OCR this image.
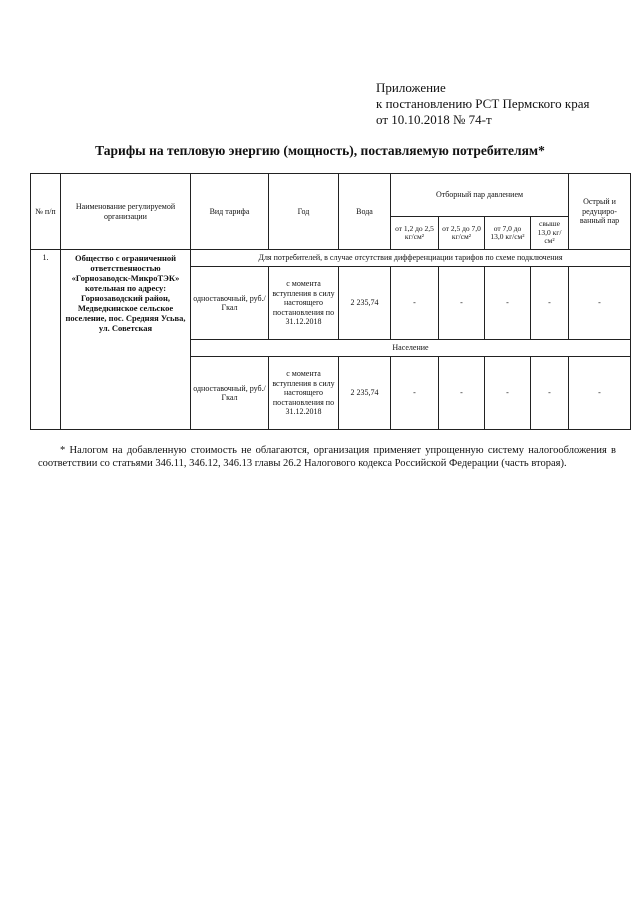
Приложение
к постановлению РСТ Пермского края
от 10.10.2018 № 74-т
Тарифы на тепловую энергию (мощность), поставляемую потребителям*
№ п/п	Наименование регулируемой организации	Вид тарифа	Год	Вода	Отборный пар давлением				Острый и редуциро-ванный пар
					от 1,2 до 2,5 кг/см²	от 2,5 до 7,0 кг/см²	от 7,0 до 13,0 кг/см²	свыше 13,0 кг/см²	
1.	Общество с ограниченной ответственностью «Горнозаводск-МикроТЭК» котельная по адресу: Горнозаводский район, Медведкинское сельское поселение, пос. Средняя Усьва, ул. Советская	Для потребителей, в случае отсутствия дифференциации тарифов по схеме подключения							
		одноставочный, руб./Гкал	с момента вступления в силу настоящего постановления по 31.12.2018	2 235,74	-	-	-	-	-
		Население							
		одноставочный, руб./Гкал	с момента вступления в силу настоящего постановления по 31.12.2018	2 235,74	-	-	-	-	-
* Налогом на добавленную стоимость не облагаются, организация применяет упрощенную систему налогообложения в соответствии со статьями 346.11, 346.12, 346.13 главы 26.2 Налогового кодекса Российской Федерации (часть вторая).
